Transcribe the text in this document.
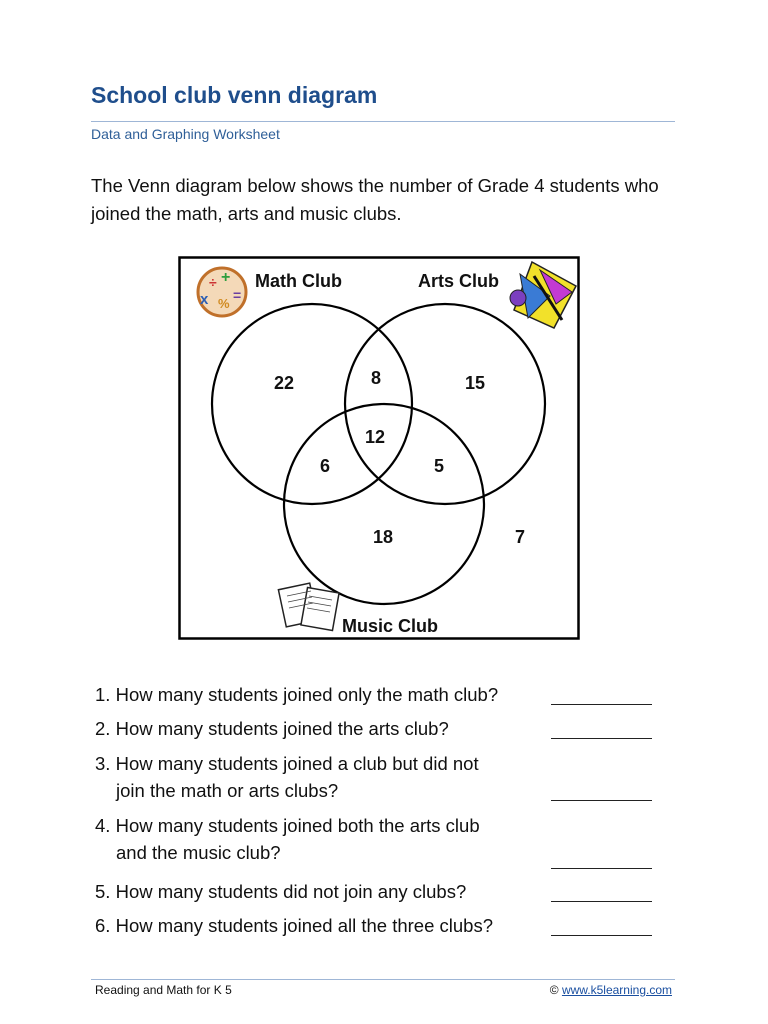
School club venn diagram
Data and Graphing Worksheet
The Venn diagram below shows the number of Grade 4 students who joined the math, arts and music clubs.
÷ +
x =
%
Math Club	Arts Club
Music Club
22	8	15
12
6	5
18	7
1. How many students joined only the math club?
2. How many students joined the arts club?
3. How many students joined a club but did not
join the math or arts clubs?
4. How many students joined both the arts club
and the music club?
5. How many students did not join any clubs?
6. How many students joined all the three clubs?
Reading and Math for K 5	© www.k5learning.com
